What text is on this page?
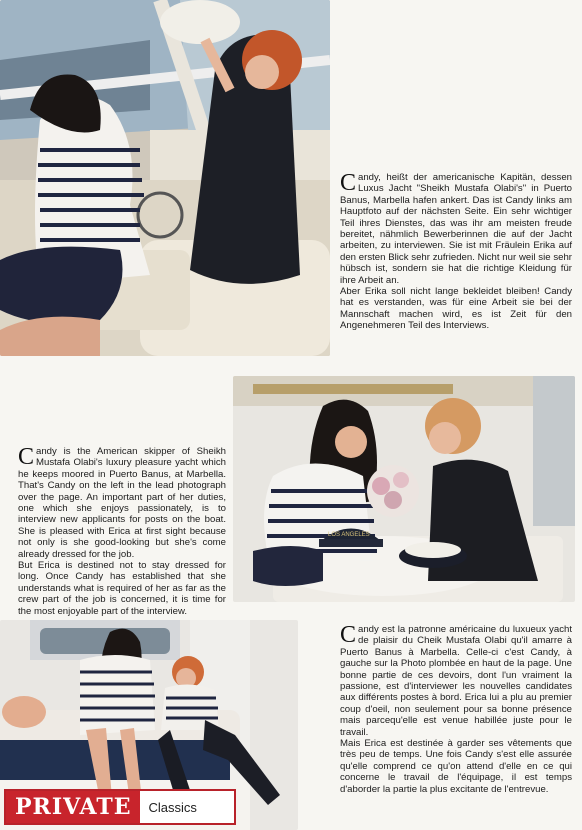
C andy, heißt der americanische Kapitän, dessen Luxus Jacht "Sheikh Mustafa Olabi's" in Puerto Banus, Marbella hafen ankert. Das ist Candy links am Hauptfoto auf der nächsten Seite. Ein sehr wichtiger Teil ihres Dienstes, das was ihr am meisten freude bereitet, nähmlich Bewerberinnen die auf der Jacht arbeiten, zu interviewen. Sie ist mit Fräulein Erika auf den ersten Blick sehr zufrieden. Nicht nur weil sie sehr hübsch ist, sondern sie hat die richtige Kleidung für ihre Arbeit an.

Aber Erika soll nicht lange bekleidet bleiben! Candy hat es verstanden, was für eine Arbeit sie bei der Mannschaft machen wird, es ist Zeit für den Angenehmeren Teil des Interviews.

C andy is the American skipper of Sheikh Mustafa Olabi's luxury pleasure yacht which he keeps moored in Puerto Banus, at Marbella. That's Candy on the left in the lead photograph over the page. An important part of her duties, one which she enjoys passionately, is to interview new applicants for posts on the boat. She is pleased with Erica at first sight because not only is she good-looking but she's come already dressed for the job.

But Erica is destined not to stay dressed for long. Once Candy has established that she understands what is required of her as far as the crew part of the job is concerned, it is time for the most enjoyable part of the interview.

LOS ANGELES
C andy est la patronne américaine du luxueux yacht de plaisir du Cheik Mustafa Olabi qu'il amarre à Puerto Banus à Marbella. Celle-ci c'est Candy, à gauche sur la Photo plombée en haut de la page. Une bonne partie de ces devoirs, dont l'un vraiment la passione, est d'interviewer les nouvelles candidates aux différents postes à bord. Erica lui a plu au premier coup d'oeil, non seulement pour sa bonne présence mais parcequ'elle est venue habillée juste pour le travail.

Mais Erica est destinée à garder ses vêtements que très peu de temps. Une fois Candy s'est elle assurée qu'elle comprend ce qu'on attend d'elle en ce qui concerne le travail de l'équipage, il est temps d'aborder la partie la plus excitante de l'entrevue.

PRIVATE	Classics
